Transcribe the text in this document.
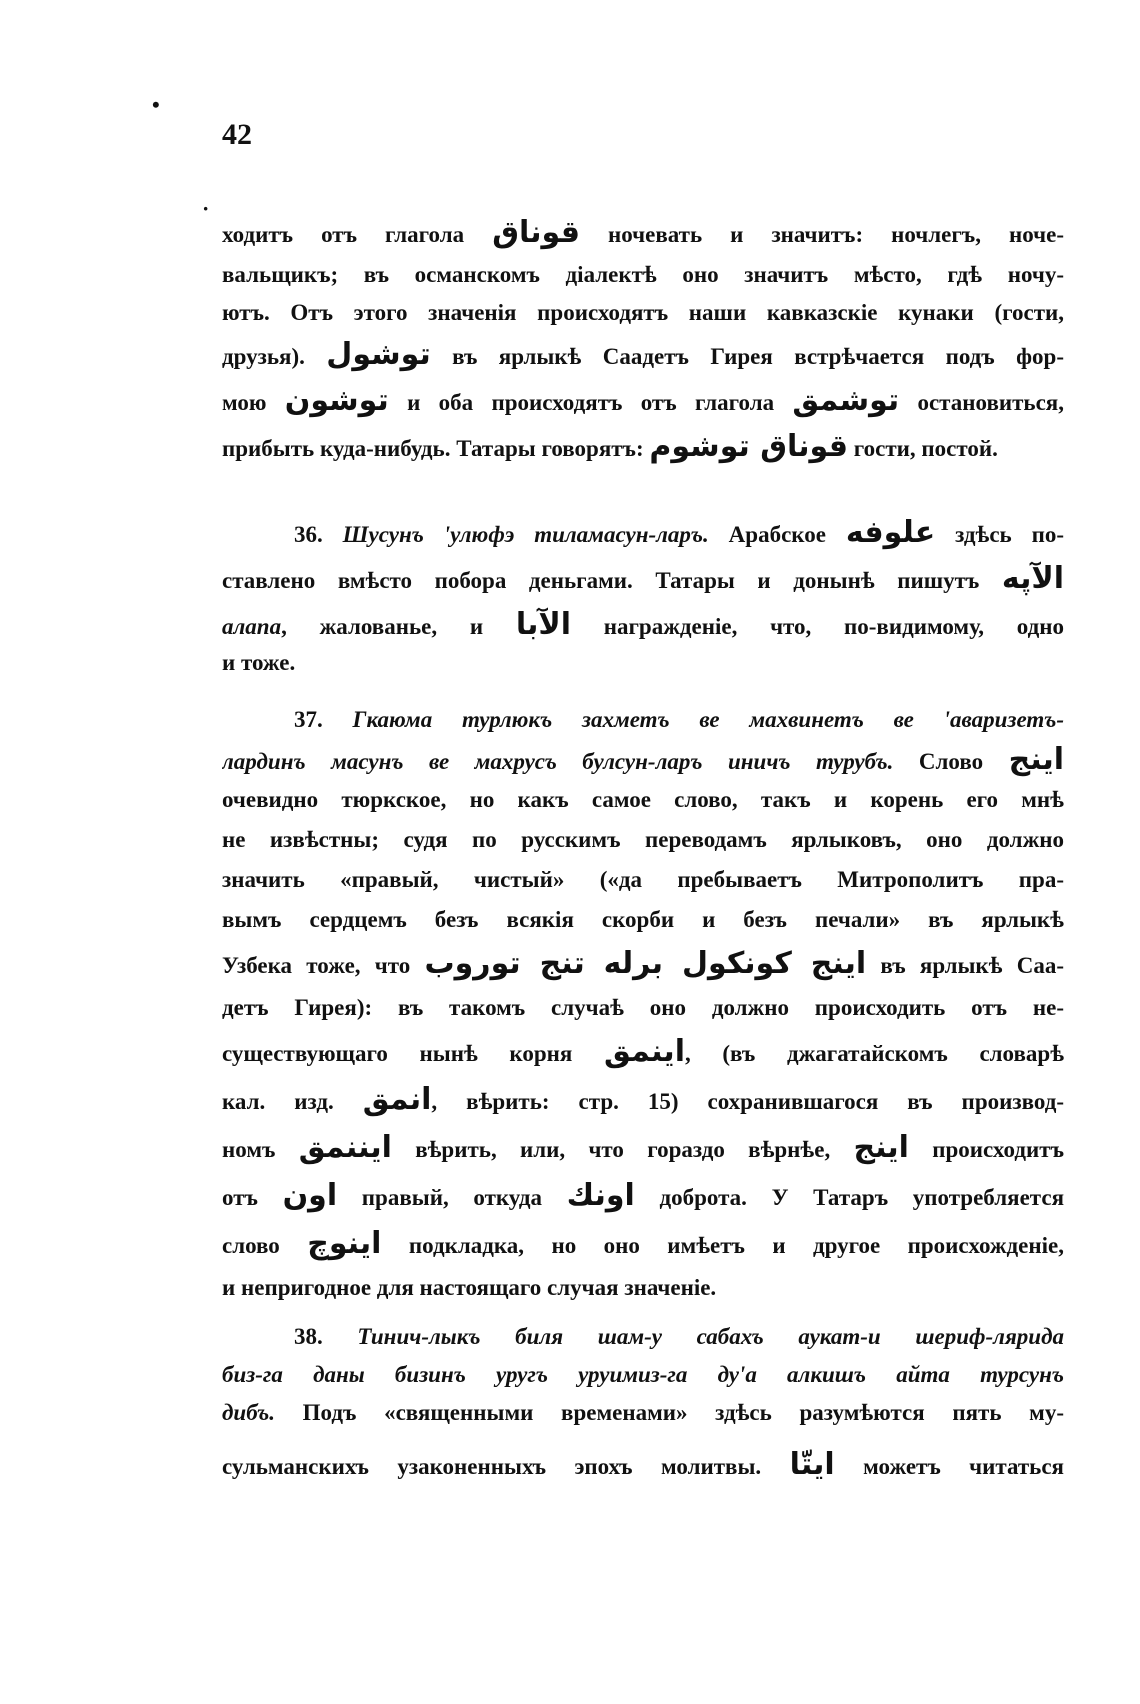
42
•
·
ходитъ отъ глагола قوناق ночевать и значитъ: ночлегъ, ноче-
вальщикъ; въ османскомъ діалектѣ оно значитъ мѣсто, гдѣ ночу-
ютъ. Отъ этого значенія происходятъ наши кавказскіе кунаки (гости,
друзья). توشول въ ярлыкѣ Саадетъ Гирея встрѣчается подъ фор-
мою توشون и оба происходятъ отъ глагола توشمق остановиться,
прибыть куда-нибудь. Татары говорятъ: قوناق توشوم гости, постой.
36. Шусунъ 'улюфэ тиламасун-ларъ. Арабское علوفه здѣсь по-
ставлено вмѣсто побора деньгами. Татары и донынѣ пишутъ الآپه
алапа, жалованье, и الآبا награжденіе, что, по-видимому, одно
и тоже.
37. Гкаюма турлюкъ захметъ ве махвинетъ ве 'аваризетъ-
лардинъ масунъ ве махрусъ булсун-ларъ иничъ турубъ. Слово اينج
очевидно тюркское, но какъ самое слово, такъ и корень его мнѣ
не извѣстны; судя по русскимъ переводамъ ярлыковъ, оно должно
значить «правый, чистый» («да пребываетъ Митрополитъ пра-
вымъ сердцемъ безъ всякія скорби и безъ печали» въ ярлыкѣ
Узбека тоже, что اينج كونكول برله تنج توروب въ ярлыкѣ Саа-
детъ Гирея): въ такомъ случаѣ оно должно происходить отъ не-
существующаго нынѣ корня اينمق, (въ джагатайскомъ словарѣ
кал. изд. انمق, вѣрить: стр. 15) сохранившагося въ производ-
номъ ايننمق вѣрить, или, что гораздо вѣрнѣе, اينج происходитъ
отъ اون правый, откуда اونك доброта. У Татаръ употребляется
слово اينوچ подкладка, но оно имѣетъ и другое происхожденіе,
и непригодное для настоящаго случая значеніе.
38. Тинич-лыкъ биля шам-у сабахъ аукат-и шериф-лярида
биз-га даны бизинъ уругъ уруимиз-га ду'а алкишъ айта турсунъ
дибъ. Подъ «священными временами» здѣсь разумѣются пять му-
сульманскихъ узаконенныхъ эпохъ молитвы. ايتّا можетъ читаться
